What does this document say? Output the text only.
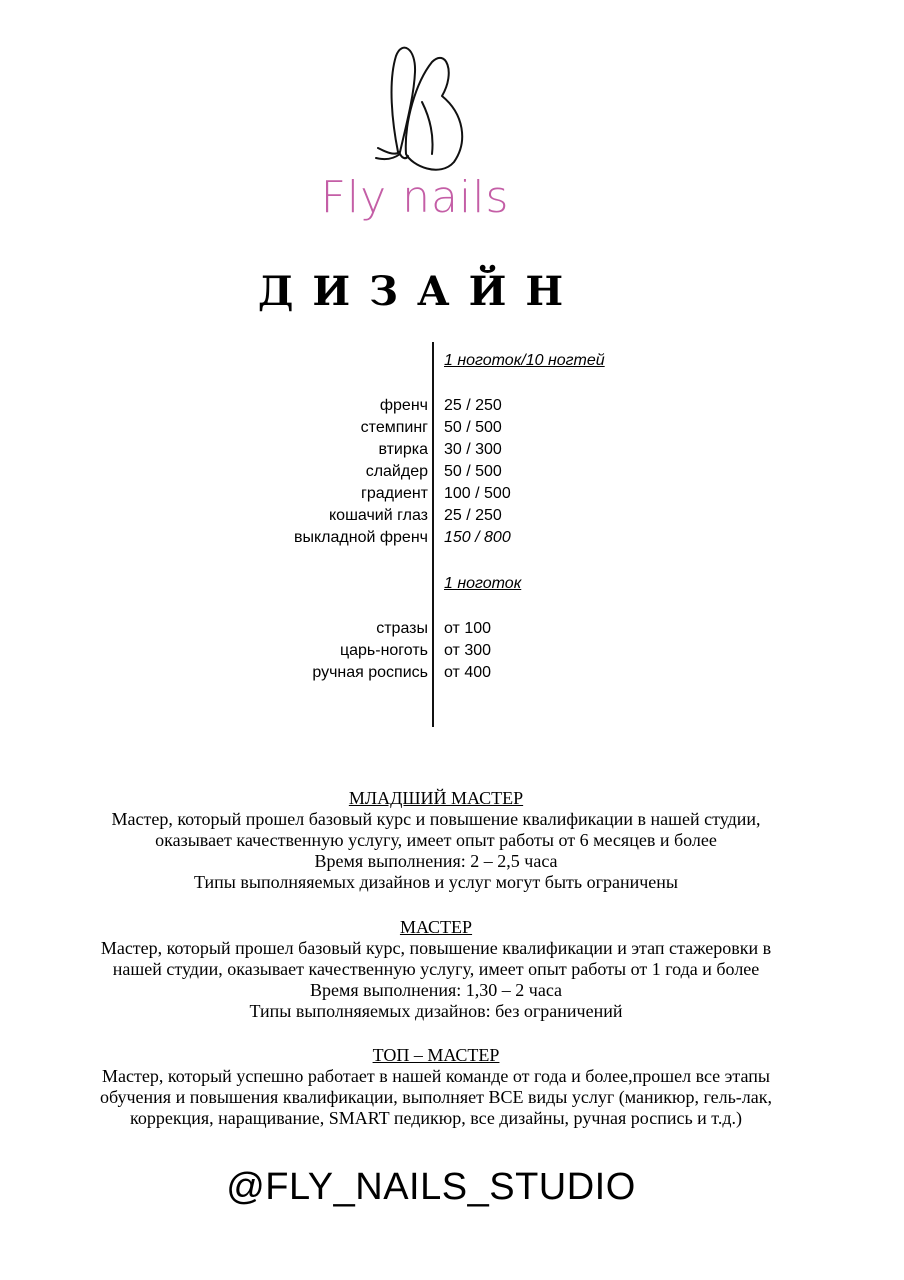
Fly nails
ДИЗАЙН
1 ноготок/10 ногтей
френч 25 / 250
стемпинг 50 / 500
втирка 30 / 300
слайдер 50 / 500
градиент 100 / 500
кошачий глаз 25 / 250
выкладной френч 150 / 800
1 ноготок
стразы от 100
царь-ноготь от 300
ручная роспись от 400

МЛАДШИЙ МАСТЕР

Мастер, который прошел базовый курс и повышение квалификации в нашей студии,

оказывает качественную услугу, имеет опыт работы от 6 месяцев и более

Время выполнения: 2 – 2,5 часа

Типы выполняяемых дизайнов и услуг могут быть ограничены

МАСТЕР

Мастер, который прошел базовый курс, повышение квалификации и этап стажеровки в

нашей студии, оказывает качественную услугу, имеет опыт работы от 1 года и более

Время выполнения: 1,30 – 2 часа

Типы выполняяемых дизайнов: без ограничений

ТОП – МАСТЕР

Мастер, который успешно работает в нашей команде от года и более,прошел все этапы

обучения и повышения квалификации, выполняет ВСЕ виды услуг (маникюр, гель-лак,

коррекция, наращивание, SMART педикюр, все дизайны, ручная роспись и т.д.)

@FLY_NAILS_STUDIO
